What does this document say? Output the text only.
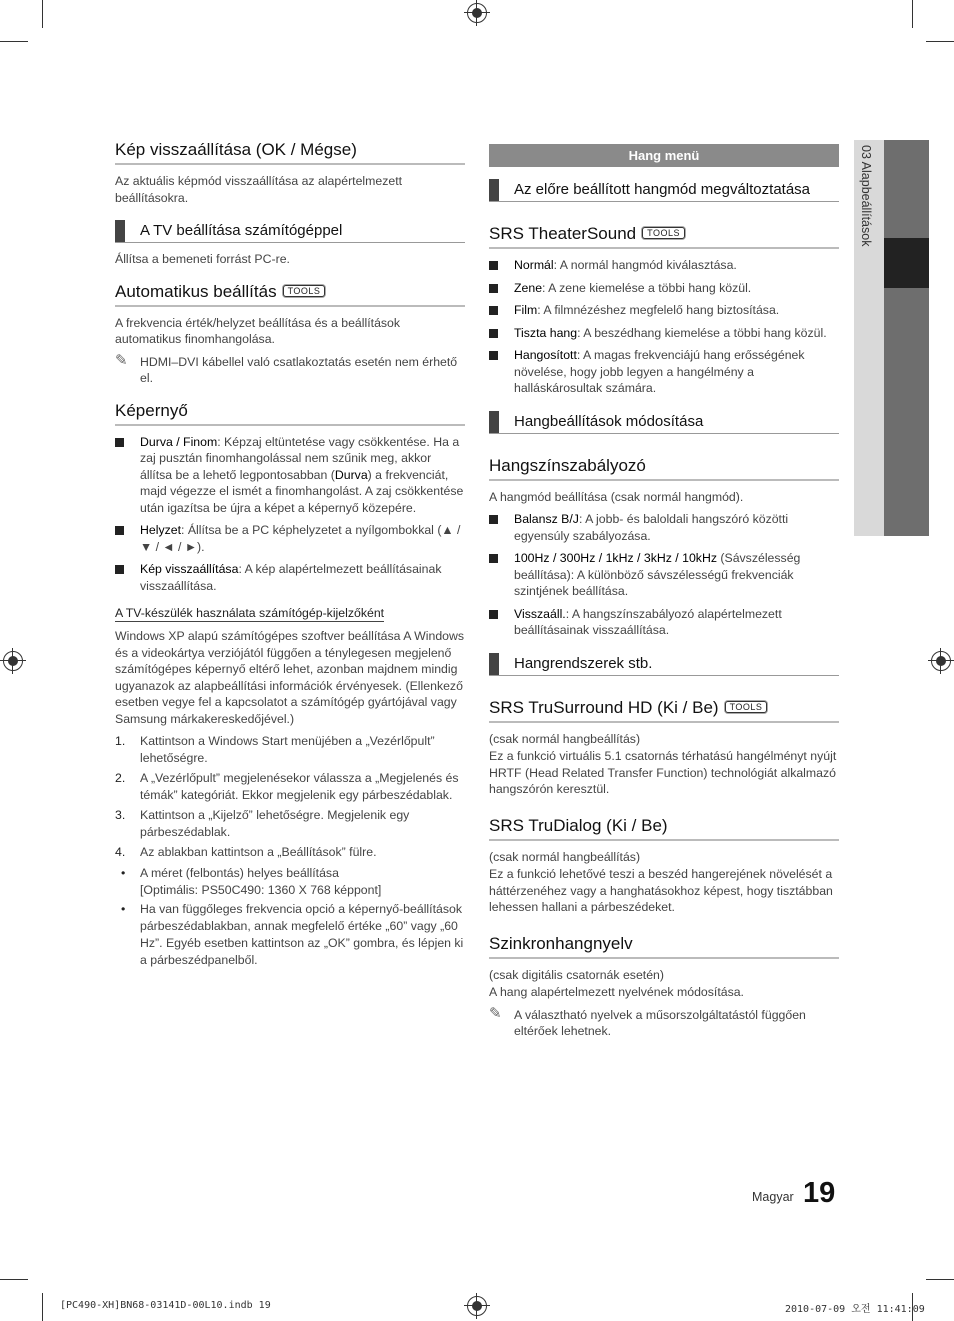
Kép visszaállítása (OK / Mégse)

Az aktuális képmód visszaállítása az alapértelmezett beállításokra.

A TV beállítása számítógéppel

Állítsa a bemeneti forrást PC-re.

Automatikus beállítás TOOLS

A frekvencia érték/helyzet beállítása és a beállítások automatikus finomhangolása.

✎ HDMI–DVI kábellel való csatlakoztatás esetén nem érhető el.
Képernyő
Durva / Finom: Képzaj eltüntetése vagy csökkentése. Ha a zaj pusztán finomhangolással nem szűnik meg, akkor állítsa be a lehető legpontosabban (Durva) a frekvenciát, majd végezze el ismét a finomhangolást. A zaj csökkentése után igazítsa be újra a képet a képernyő közepére.
Helyzet: Állítsa be a PC képhelyzetet a nyílgombokkal (▲ / ▼ / ◄ / ►).
Kép visszaállítása: A kép alapértelmezett beállításainak visszaállítása.
A TV-készülék használata számítógép-kijelzőként

Windows XP alapú számítógépes szoftver beállítása A Windows és a videokártya verziójától függően a ténylegesen megjelenő számítógépes képernyő eltérő lehet, azonban majdnem mindig ugyanazok az alapbeállítási információk érvényesek. (Ellenkező esetben vegye fel a kapcsolatot a számítógép gyártójával vagy Samsung márkakereskedőjével.)

1. Kattintson a Windows Start menüjében a „Vezérlőpult” lehetőségre.
2. A „Vezérlőpult” megjelenésekor válassza a „Megjelenés és témák” kategóriát. Ekkor megjelenik egy párbeszédablak.
3. Kattintson a „Kijelző” lehetőségre. Megjelenik egy párbeszédablak.
4. Az ablakban kattintson a „Beállítások” fülre.
• A méret (felbontás) helyes beállítása
[Optimális: PS50C490: 1360 X 768 képpont]
• Ha van függőleges frekvencia opció a képernyő-beállítások párbeszédablakban, annak megfelelő értéke „60” vagy „60 Hz”. Egyéb esetben kattintson az „OK” gombra, és lépjen ki a párbeszédpanelből.
Hang menü
Az előre beállított hangmód megváltoztatása
SRS TheaterSound TOOLS
Normál: A normál hangmód kiválasztása.
Zene: A zene kiemelése a többi hang közül.
Film: A filmnézéshez megfelelő hang biztosítása.
Tiszta hang: A beszédhang kiemelése a többi hang közül.
Hangosított: A magas frekvenciájú hang erősségének növelése, hogy jobb legyen a hangélmény a halláskárosultak számára.
Hangbeállítások módosítása
Hangszínszabályozó

A hangmód beállítása (csak normál hangmód).

Balansz B/J: A jobb- és baloldali hangszóró közötti egyensúly szabályozása.
100Hz / 300Hz / 1kHz / 3kHz / 10kHz (Sávszélesség beállítása): A különböző sávszélességű frekvenciák szintjének beállítása.
Visszaáll.: A hangszínszabályozó alapértelmezett beállításainak visszaállítása.
Hangrendszerek stb.
SRS TruSurround HD (Ki / Be) TOOLS

(csak normál hangbeállítás)

Ez a funkció virtuális 5.1 csatornás térhatású hangélményt nyújt HRTF (Head Related Transfer Function) technológiát alkalmazó hangszórón keresztül.

SRS TruDialog (Ki / Be)

(csak normál hangbeállítás)

Ez a funkció lehetővé teszi a beszéd hangerejének növelését a háttérzenéhez vagy a hanghatásokhoz képest, hogy tisztábban lehessen hallani a párbeszédeket.

Szinkronhangnyelv

(csak digitális csatornák esetén)

A hang alapértelmezett nyelvének módosítása.

✎ A választható nyelvek a műsorszolgáltatástól függően eltérőek lehetnek.
03 Alapbeállítások
Magyar 19
[PC490-XH]BN68-03141D-00L10.indb 19	2010-07-09 오전 11:41:09
